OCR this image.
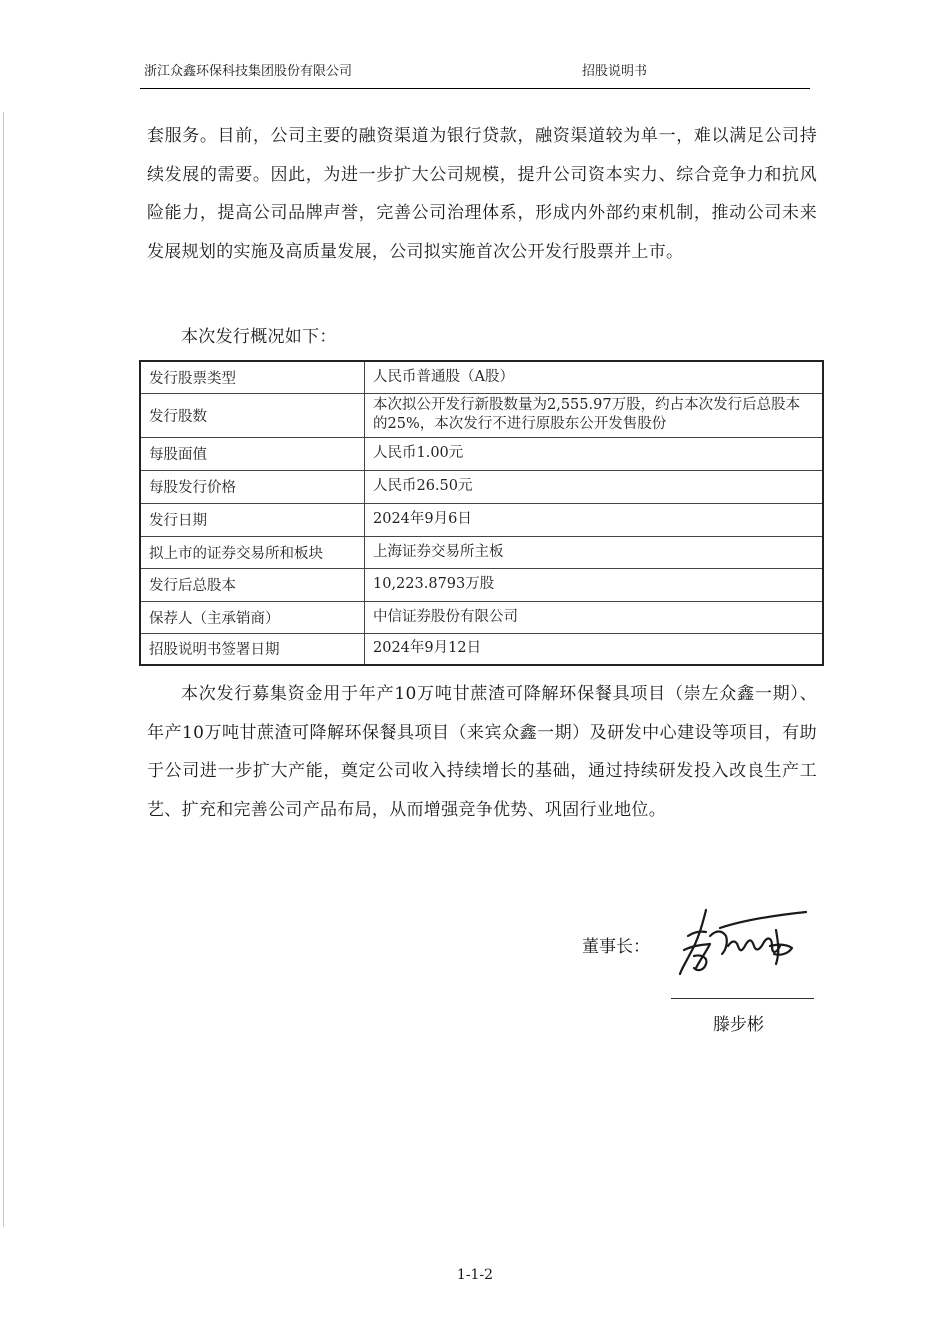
浙江众鑫环保科技集团股份有限公司	招股说明书

套服务。目前，公司主要的融资渠道为银行贷款，融资渠道较为单一，难以满足公司持续发展的需要。因此，为进一步扩大公司规模，提升公司资本实力、综合竞争力和抗风险能力，提高公司品牌声誉，完善公司治理体系，形成内外部约束机制，推动公司未来发展规划的实施及高质量发展，公司拟实施首次公开发行股票并上市。

本次发行概况如下：

发行股票类型	人民币普通股（A股）
发行股数	本次拟公开发行新股数量为2,555.97万股，约占本次发行后总股本的25%，本次发行不进行原股东公开发售股份
每股面值	人民币1.00元
每股发行价格	人民币26.50元
发行日期	2024年9月6日
拟上市的证券交易所和板块	上海证券交易所主板
发行后总股本	10,223.8793万股
保荐人（主承销商）	中信证券股份有限公司
招股说明书签署日期	2024年9月12日

本次发行募集资金用于年产10万吨甘蔗渣可降解环保餐具项目（崇左众鑫一期）、年产10万吨甘蔗渣可降解环保餐具项目（来宾众鑫一期）及研发中心建设等项目，有助于公司进一步扩大产能，奠定公司收入持续增长的基础，通过持续研发投入改良生产工艺、扩充和完善公司产品布局，从而增强竞争优势、巩固行业地位。

董事长：
滕步彬
1-1-2
